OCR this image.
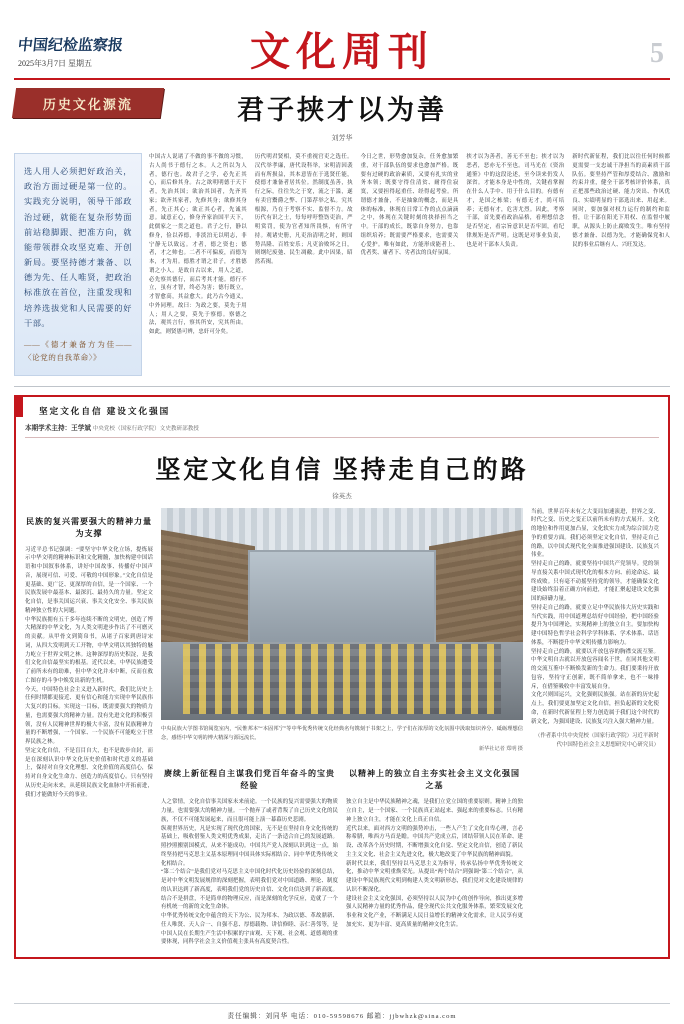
中国纪检监察报	文化周刊	5
2025年3月7日 星期五
历史文化源流	君子挟才以为善
刘芳华
选人用人必须把好政治关，政治方面过硬是第一位的。实践充分说明，领导干部政治过硬，就能在复杂形势面前站稳脚跟、把准方向，就能带领群众攻坚克难、开创新局。要坚持德才兼备、以德为先、任人唯贤，把政治标准放在首位，注重发现和培养选拔党和人民需要的好干部。
——《德才兼备方为佳——〈论党的自我革命〉》
中国古人说诸了不做的事不做的习惯，古人尚书于德行之本。人之所以为人者，德行也。故君子之学，必先正其心，而后修其身。古之欲明明德于天下者，先治其国；欲治其国者，先齐其家；欲齐其家者，先修其身；欲修其身者，先正其心；欲正其心者，先诚其意。诚意正心，修身齐家治国平天下，此儒家之一贯之道也。君子之行，静以修身，俭以养德，非淡泊无以明志，非宁静无以致远。才者，德之资也；德者，才之帅也。二者不可偏废，而德为本，才为用。德胜才谓之君子，才胜德谓之小人。是故自古以来，用人之道，必先察其德行，而后考其才能。德行不立，虽有才智，终必为害；德行既立，才智愈高，其益愈大。此乃古今通义，中外同理。故曰：为政之要，莫先于用人；用人之要，莫先于察德。察德之法，观其言行，察其所安，究其所由。如此，则贤愚可辨，忠奸可分矣。
历代明君贤相，莫不重视官吏之选任。汉代举孝廉，唐代设科举，宋明清因袭而有所损益，其本意皆在于选贤任能，使德才兼备者居其位。然制度虽善，执行之际，往往失之于宽，流之于滥，遂有卖官鬻爵之弊、门第荐举之私。究其根源，乃在于考察不实、监督不力。故历代有识之士，每每呼吁整饬吏治，严明赏罚，使为官者知所畏惧，有所守持。观诸史册，凡吏治清明之时，则国势昌隆、百姓安乐；凡吏治败坏之日，则纲纪废弛、民生凋敝。此中因果，昭然若揭。
今日之世，形势愈加复杂，任务愈加繁重，对干部队伍的要求也愈加严格。既要有过硬的政治素质，又要有扎实的业务本领；既要守得住清贫、耐得住寂寞，又要担得起重任、经得起考验。所谓德才兼备，不是抽象的概念，而是具体的标准，体现在日常工作的点点滴滴之中，体现在关键时刻的抉择担当之中。干部的成长，既靠自身努力，也靠组织培养；既需要严格要求，也需要关心爱护。唯有如此，方能形成能者上、优者奖、庸者下、劣者汰的良好氛围。
挟才以为善者，善无不至也；挟才以为恶者，恶亦无不至也。司马光在《资治通鉴》中的这段论述，至今读来仍发人深省。才能本身是中性的，关键看掌握在什么人手中、用于什么目的。有德有才，是国之栋梁；有德无才，尚可培养；无德有才，危害尤烈。因此，考察干部，首先要看政治品格，看理想信念是否坚定，看宗旨意识是否牢固，看纪律规矩是否严明。这既是对事业负责，也是对干部本人负责。
新时代新征程，我们比以往任何时候都更需要一支忠诚干净担当的高素质干部队伍。要坚持严管和厚爱结合、激励和约束并重，健全干部考核评价体系，真正把那些政治过硬、能力突出、作风优良、实绩明显的干部选出来、用起来。同时，要加强对权力运行的制约和监督，让干部在阳光下用权、在监督中履职，从源头上防止腐败发生。唯有坚持德才兼备、以德为先，才能确保党和人民的事业后继有人、兴旺发达。
坚定文化自信 建设文化强国
本期学术主持：王学斌 中央党校（国家行政学院）文史教研部教授
坚定文化自信 坚持走自己的路
徐英杰
民族的复兴需要强大的精神力量为支撑
习近平总书记强调：“要坚守中华文化立场，提炼展示中华文明的精神标识和文化精髓，加快构建中国话语和中国叙事体系，讲好中国故事、传播好中国声音，展现可信、可爱、可敬的中国形象。”文化自信是更基础、更广泛、更深厚的自信，是一个国家、一个民族发展中最基本、最深沉、最持久的力量。坚定文化自信，是事关国运兴衰、事关文化安全、事关民族精神独立性的大问题。
中华民族拥有五千多年连续不断的文明史，创造了博大精深的中华文化，为人类文明进步作出了不可磨灭的贡献。从甲骨文到简帛书，从诸子百家到唐诗宋词，从四大发明到天工开物，中华文明以其独特的魅力屹立于世界文明之林。这种深厚的历史积淀，是我们文化自信最坚实的根基。近代以来，中华民族遭受了前所未有的劫难，但中华文化并未中断，反而在救亡图存的斗争中焕发出新的生机。
今天，中国特色社会主义进入新时代，我们比历史上任何时期都更接近、更有信心和能力实现中华民族伟大复兴的目标。实现这一目标，既需要强大的物质力量，也需要强大的精神力量。没有先进文化的积极引领，没有人民精神世界的极大丰富，没有民族精神力量的不断增强，一个国家、一个民族不可能屹立于世界民族之林。
坚定文化自信，不是盲目自大，也不是故步自封，而是在深刻认识中华文化历史价值和时代意义的基础上，保持对自身文化理想、文化价值的高度信心，保持对自身文化生命力、创造力的高度信心。只有坚持从历史走向未来，从延续民族文化血脉中开拓前进，我们才能做好今天的事业。
中央民族大学图书馆阅览室内，“民惟邦本”“本固邦宁”等中华优秀传统文化经典名句镌刻于书架之上，学子们在浓厚的文化氛围中汲取知识养分、砥砺理想信念，感悟中华文明的博大精深与源远流长。
新华社记者 郑明 摄
赓续上新征程自主谋我们党百年奋斗的宝贵经验
人之常情，文化自信事关国家未来前途。一个民族的复兴需要强大的物质力量，也需要强大的精神力量。一个抛弃了或者背叛了自己历史文化的民族，不仅不可能发展起来，而且很可能上演一幕幕历史悲剧。
纵观世界历史，凡是实现了现代化的国家，无不是在坚持自身文化传统的基础上，吸收借鉴人类文明优秀成果，走出了一条适合自己的发展道路。照抄照搬别国模式，从来不能成功。中国共产党人深刻认识到这一点，始终坚持把马克思主义基本原理同中国具体实际相结合、同中华优秀传统文化相结合。
“第二个结合”是我们党对马克思主义中国化时代化历史经验的深刻总结，是对中华文明发展规律的深刻把握，表明我们党对中国道路、理论、制度的认识达到了新高度，表明我们党的历史自信、文化自信达到了新高度。结合不是拼盘，不是简单的物理反应，而是深刻的化学反应，造就了一个有机统一的新的文化生命体。
中华优秀传统文化中蕴含的天下为公、民为邦本、为政以德、革故鼎新、任人唯贤、天人合一、自强不息、厚德载物、讲信修睦、亲仁善邻等，是中国人民在长期生产生活中积累的宇宙观、天下观、社会观、道德观的重要体现，同科学社会主义价值观主张具有高度契合性。
以精神上的独立自主夯实社会主义文化强国之基
独立自主是中华民族精神之魂，是我们立党立国的重要原则。精神上的独立自主，是一个国家、一个民族真正站起来、强起来的重要标志。只有精神上独立自主，才能在文化上真正自信。
近代以来，面对西方文明的强势冲击，一些人产生了文化自卑心理，言必称希腊，唯西方马首是瞻。中国共产党成立后，团结带领人民在革命、建设、改革各个历史时期，不断增强文化自觉、坚定文化自信，创造了新民主主义文化、社会主义先进文化，极大地改变了中华民族的精神面貌。
新时代以来，我们坚持以马克思主义为指导，传承弘扬中华优秀传统文化，推动中华文明重焕荣光。从提出“两个结合”到强调“第二个结合”，从建设中华民族现代文明到构建人类文明新形态，我们党对文化建设规律的认识不断深化。
建设社会主义文化强国，必须坚持以人民为中心的创作导向，推出更多增强人民精神力量的优秀作品，健全现代公共文化服务体系，繁荣发展文化事业和文化产业，不断满足人民日益增长的精神文化需求，让人民享有更加充实、更为丰富、更高质量的精神文化生活。
当前，世界百年未有之大变局加速演进，世界之变、时代之变、历史之变正以前所未有的方式展开。文化的地位和作用更加凸显，文化软实力成为综合国力竞争的重要方面。我们必须坚定文化自信，坚持走自己的路，以中国式现代化全面推进强国建设、民族复兴伟业。
坚持走自己的路，就要坚持中国共产党领导。党的领导直接关系中国式现代化的根本方向、前途命运、最终成败。只有毫不动摇坚持党的领导，才能确保文化建设始终沿着正确方向前进，才能汇聚起建设文化强国的磅礴力量。
坚持走自己的路，就要立足中华民族伟大历史实践和当代实践，用中国道理总结好中国经验，把中国经验提升为中国理论，实现精神上的独立自主。要加快构建中国特色哲学社会科学学科体系、学术体系、话语体系，不断提升中华文明传播力影响力。
坚持走自己的路，就要以开放包容的胸襟交流互鉴。中华文明自古就以开放包容闻名于世，在同其他文明的交流互鉴中不断焕发新的生命力。我们要秉持开放包容，坚持守正创新，既不简单拿来，也不一味排斥，在借鉴吸收中丰富发展自身。
文化兴则国运兴，文化强则民族强。站在新的历史起点上，我们要更加坚定文化自信，担负起新的文化使命，在新时代新征程上努力创造属于我们这个时代的新文化，为强国建设、民族复兴注入强大精神力量。
（作者系中共中央党校（国家行政学院）习近平新时代中国特色社会主义思想研究中心研究员）
责任编辑：刘同华 电话：010-59598676 邮箱：jjbwhzk@sina.com
